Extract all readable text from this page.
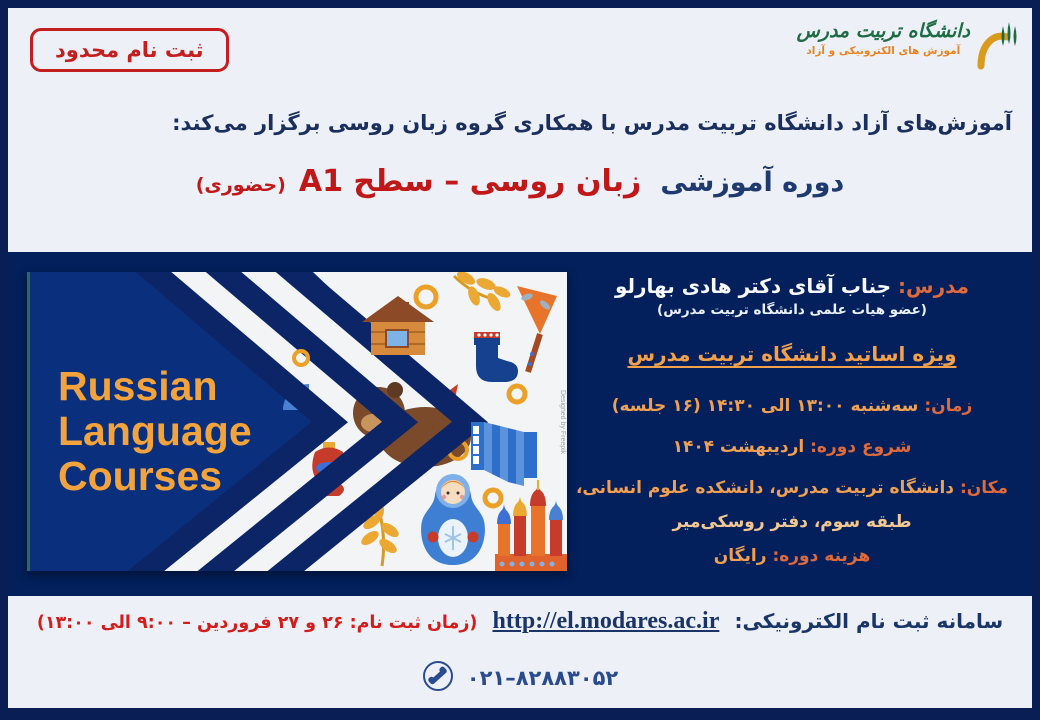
ثبت نام محدود
دانشگاه تربیت مدرس
آموزش های الکترونیکی و آزاد
آموزش‌های آزاد دانشگاه تربیت مدرس با همکاری گروه زبان روسی برگزار می‌کند:
دوره آموزشی زبان روسی – سطح A1 (حضوری)
Russian
Language
Courses
Designed by Freepik
مدرس: جناب آقای دکتر هادی بهارلو
(عضو هیات علمی دانشگاه تربیت مدرس)
ویژه اساتید دانشگاه تربیت مدرس
زمان: سه‌شنبه ۱۳:۰۰ الی ۱۴:۳۰ (۱۶ جلسه)
شروع دوره: اردیبهشت ۱۴۰۴
مکان: دانشگاه تربیت مدرس، دانشکده علوم انسانی،
طبقه سوم، دفتر روسکی‌میر
هزینه دوره: رایگان
سامانه ثبت نام الکترونیکی: http://el.modares.ac.ir (زمان ثبت نام: ۲۶ و ۲۷ فروردین – ۹:۰۰ الی ۱۳:۰۰)
۰۲۱–۸۲۸۸۳۰۵۲
